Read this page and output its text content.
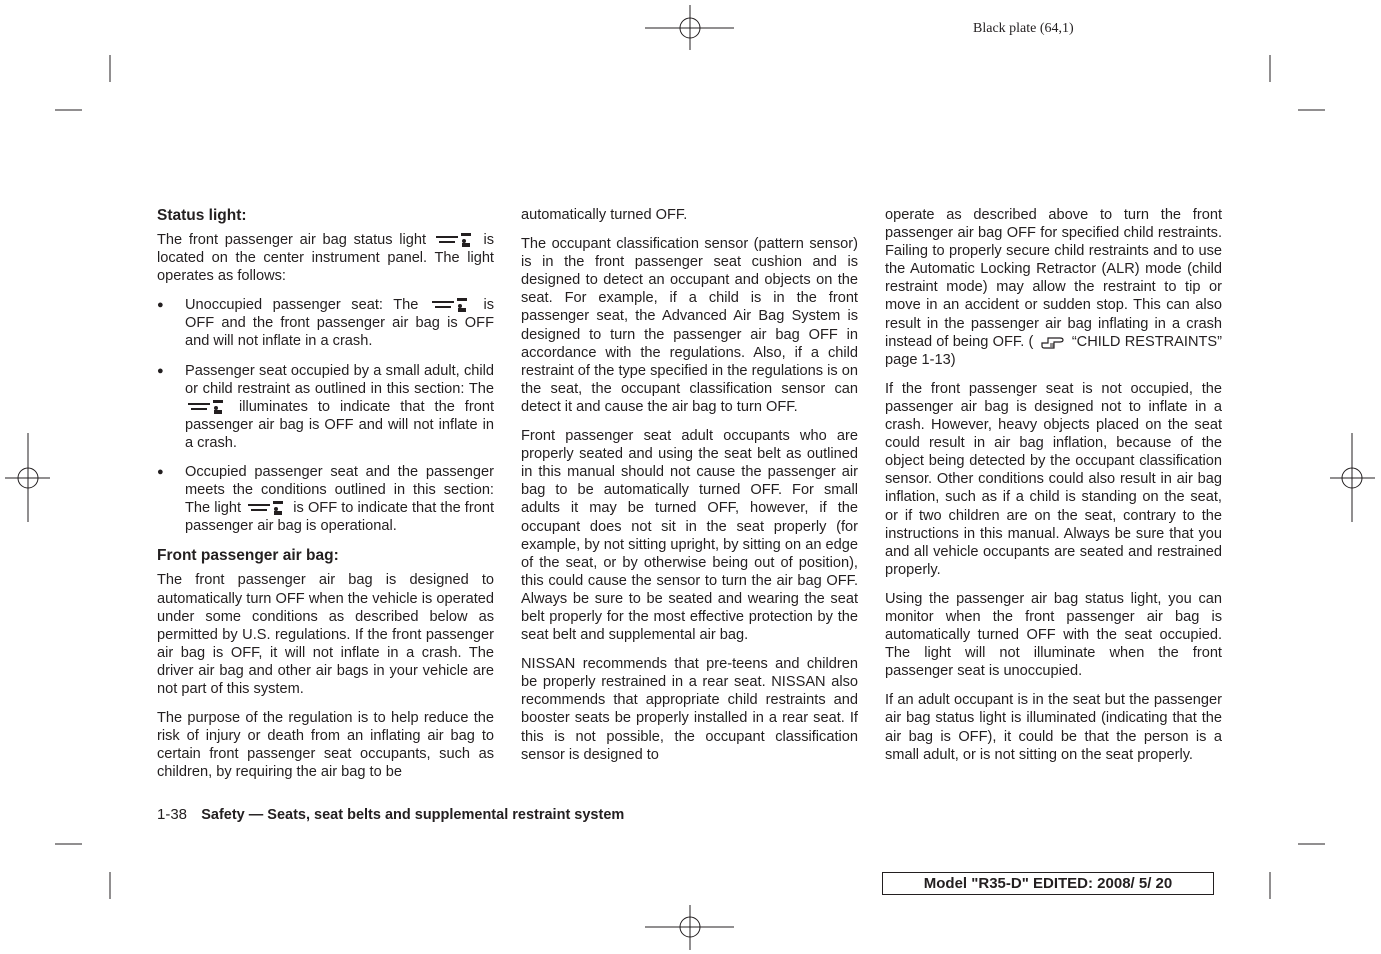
Black plate (64,1)
Status light:

The front passenger air bag status light	is located on the center instrument panel. The light operates as follows:

● Unoccupied passenger seat: The	is OFF and the front passenger air bag is OFF and will not inflate in a crash.
● Passenger seat occupied by a small adult, child or child restraint as outlined in this section: The  illuminates to indicate that the front passenger air bag is OFF and will not inflate in a crash.
● Occupied passenger seat and the passenger meets the conditions outlined in this section: The light	is OFF to indicate that the front passenger air bag is operational.
Front passenger air bag:

The front passenger air bag is designed to automatically turn OFF when the vehicle is operated under some conditions as described below as permitted by U.S. regulations. If the front passenger air bag is OFF, it will not inflate in a crash. The driver air bag and other air bags in your vehicle are not part of this system.

The purpose of the regulation is to help reduce the risk of injury or death from an inflating air bag to certain front passenger seat occupants, such as children, by requiring the air bag to be

automatically turned OFF.

The occupant classification sensor (pattern sensor) is in the front passenger seat cushion and is designed to detect an occupant and objects on the seat. For example, if a child is in the front passenger seat, the Advanced Air Bag System is designed to turn the passenger air bag OFF in accordance with the regulations. Also, if a child restraint of the type specified in the regulations is on the seat, the occupant classification sensor can detect it and cause the air bag to turn OFF.

Front passenger seat adult occupants who are properly seated and using the seat belt as outlined in this manual should not cause the passenger air bag to be automatically turned OFF. For small adults it may be turned OFF, however, if the occupant does not sit in the seat properly (for example, by not sitting upright, by sitting on an edge of the seat, or by otherwise being out of position), this could cause the sensor to turn the air bag OFF. Always be sure to be seated and wearing the seat belt properly for the most effective protection by the seat belt and supplemental air bag.

NISSAN recommends that pre-teens and children be properly restrained in a rear seat. NISSAN also recommends that appropriate child restraints and booster seats be properly installed in a rear seat. If this is not possible, the occupant classification sensor is designed to

operate as described above to turn the front passenger air bag OFF for specified child restraints. Failing to properly secure child restraints and to use the Automatic Locking Retractor (ALR) mode (child restraint mode) may allow the restraint to tip or move in an accident or sudden stop. This can also result in the passenger air bag inflating in a crash instead of being OFF. (	“CHILD RESTRAINTS” page 1-13)

If the front passenger seat is not occupied, the passenger air bag is designed not to inflate in a crash. However, heavy objects placed on the seat could result in air bag inflation, because of the object being detected by the occupant classification sensor. Other conditions could also result in air bag inflation, such as if a child is standing on the seat, or if two children are on the seat, contrary to the instructions in this manual. Always be sure that you and all vehicle occupants are seated and restrained properly.

Using the passenger air bag status light, you can monitor when the front passenger air bag is automatically turned OFF with the seat occupied. The light will not illuminate when the front passenger seat is unoccupied.

If an adult occupant is in the seat but the passenger air bag status light is illuminated (indicating that the air bag is OFF), it could be that the person is a small adult, or is not sitting on the seat properly.

1-38 Safety — Seats, seat belts and supplemental restraint system
Model "R35-D" EDITED: 2008/ 5/ 20
